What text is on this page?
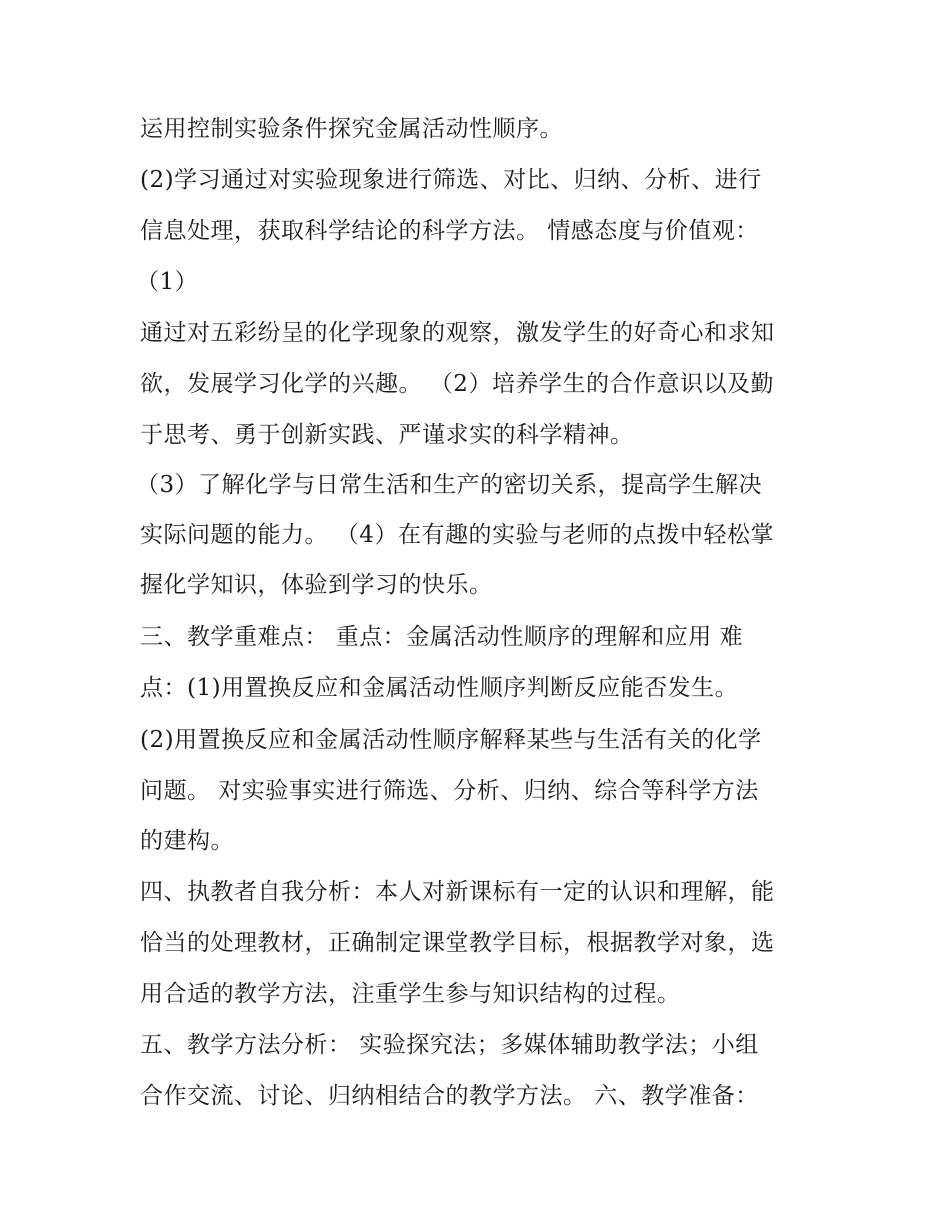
运用控制实验条件探究金属活动性顺序。
(2)学习通过对实验现象进行筛选、对比、归纳、分析、进行
信息处理，获取科学结论的科学方法。 情感态度与价值观：
（1）
通过对五彩纷呈的化学现象的观察，激发学生的好奇心和求知
欲，发展学习化学的兴趣。 （2）培养学生的合作意识以及勤
于思考、勇于创新实践、严谨求实的科学精神。
（3）了解化学与日常生活和生产的密切关系，提高学生解决
实际问题的能力。 （4）在有趣的实验与老师的点拨中轻松掌
握化学知识，体验到学习的快乐。
三、教学重难点： 重点：金属活动性顺序的理解和应用 难
点：(1)用置换反应和金属活动性顺序判断反应能否发生。
(2)用置换反应和金属活动性顺序解释某些与生活有关的化学
问题。 对实验事实进行筛选、分析、归纳、综合等科学方法
的建构。
四、执教者自我分析：本人对新课标有一定的认识和理解，能
恰当的处理教材，正确制定课堂教学目标，根据教学对象，选
用合适的教学方法，注重学生参与知识结构的过程。
五、教学方法分析： 实验探究法；多媒体辅助教学法；小组
合作交流、讨论、归纳相结合的教学方法。 六、教学准备：
